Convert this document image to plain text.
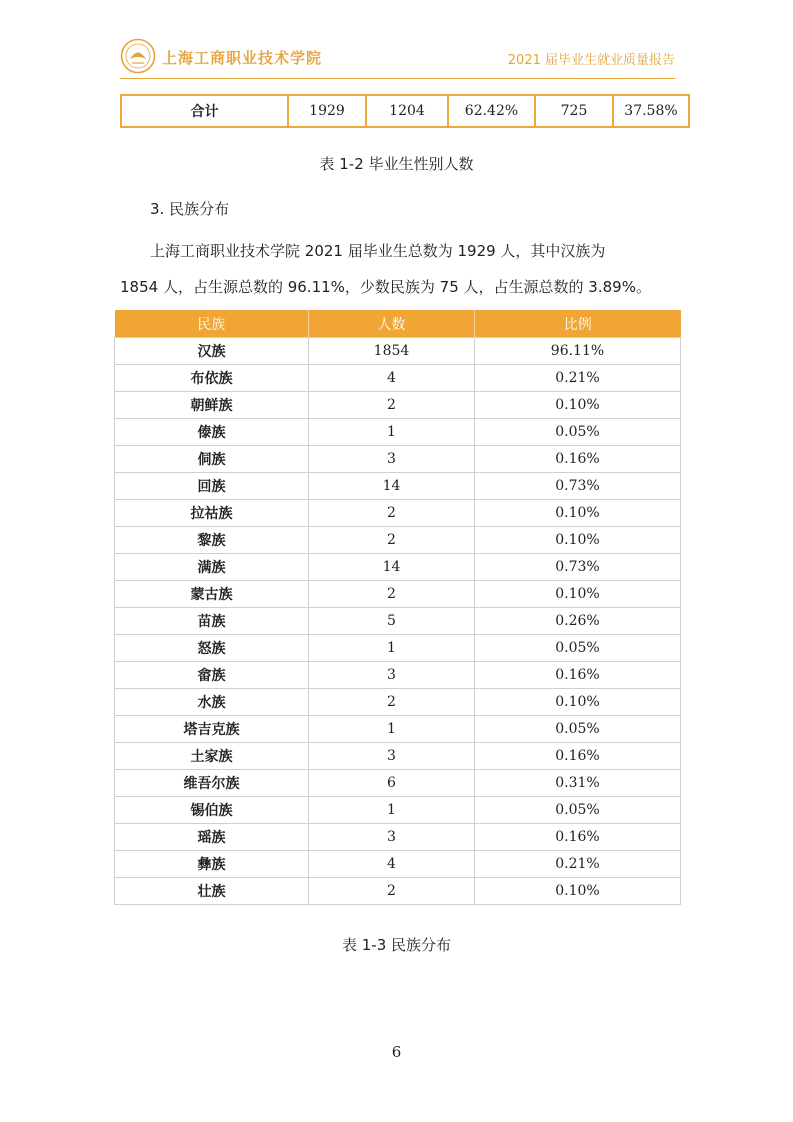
上海工商职业技术学院	2021 届毕业生就业质量报告
合计	1929	1204	62.42%	725	37.58%
表 1-2 毕业生性别人数
3. 民族分布
上海工商职业技术学院 2021 届毕业生总数为 1929 人，其中汉族为
1854 人，占生源总数的 96.11%，少数民族为 75 人，占生源总数的 3.89%。
民族	人数	比例
汉族	1854	96.11%
布依族	4	0.21%
朝鲜族	2	0.10%
傣族	1	0.05%
侗族	3	0.16%
回族	14	0.73%
拉祜族	2	0.10%
黎族	2	0.10%
满族	14	0.73%
蒙古族	2	0.10%
苗族	5	0.26%
怒族	1	0.05%
畲族	3	0.16%
水族	2	0.10%
塔吉克族	1	0.05%
土家族	3	0.16%
维吾尔族	6	0.31%
锡伯族	1	0.05%
瑶族	3	0.16%
彝族	4	0.21%
壮族	2	0.10%
表 1-3 民族分布
6
